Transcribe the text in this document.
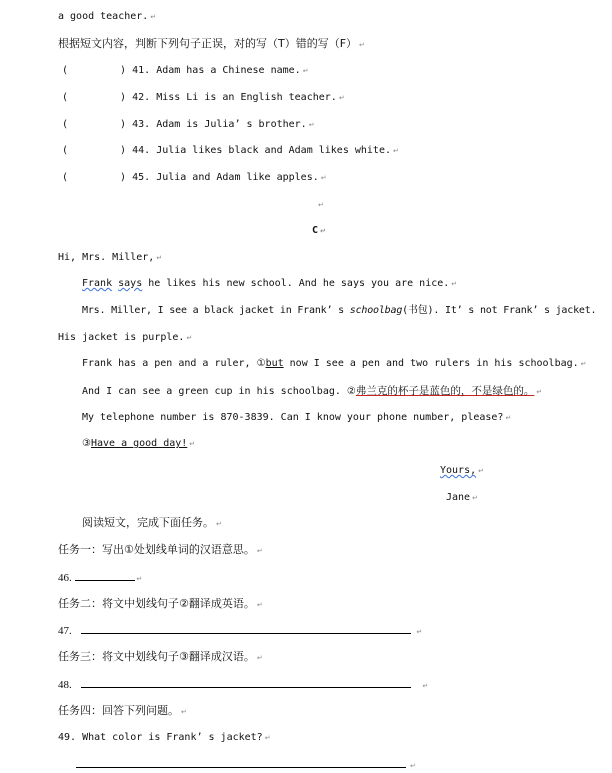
a good teacher. ↵
根据短文内容，判断下列句子正误，对的写（T）错的写（F） ↵
(	) 41. Adam has a Chinese name. ↵
(	) 42. Miss Li is an English teacher. ↵
(	) 43. Adam is Julia’ s brother. ↵
(	) 44. Julia likes black and Adam likes white. ↵
(	) 45. Julia and Adam like apples. ↵
↵
C ↵
Hi, Mrs. Miller, ↵
Frank says he likes his new school. And he says you are nice. ↵
Mrs. Miller, I see a black jacket in Frank’ s schoolbag(书包). It’ s not Frank’ s jacket.
His jacket is purple. ↵
Frank has a pen and a ruler, ①but now I see a pen and two rulers in his schoolbag. ↵
And I can see a green cup in his schoolbag. ②弗兰克的杯子是蓝色的，不是绿色的。 ↵
My telephone number is 870-3839. Can I know your phone number, please? ↵
③Have a good day! ↵
Yours, ↵
Jane ↵
阅读短文，完成下面任务。 ↵
任务一：写出①处划线单词的汉语意思。 ↵
46.	↵
任务二：将文中划线句子②翻译成英语。 ↵
47.	↵
任务三：将文中划线句子③翻译成汉语。 ↵
48.	↵
任务四：回答下列问题。 ↵
49. What color is Frank’ s jacket? ↵
↵
